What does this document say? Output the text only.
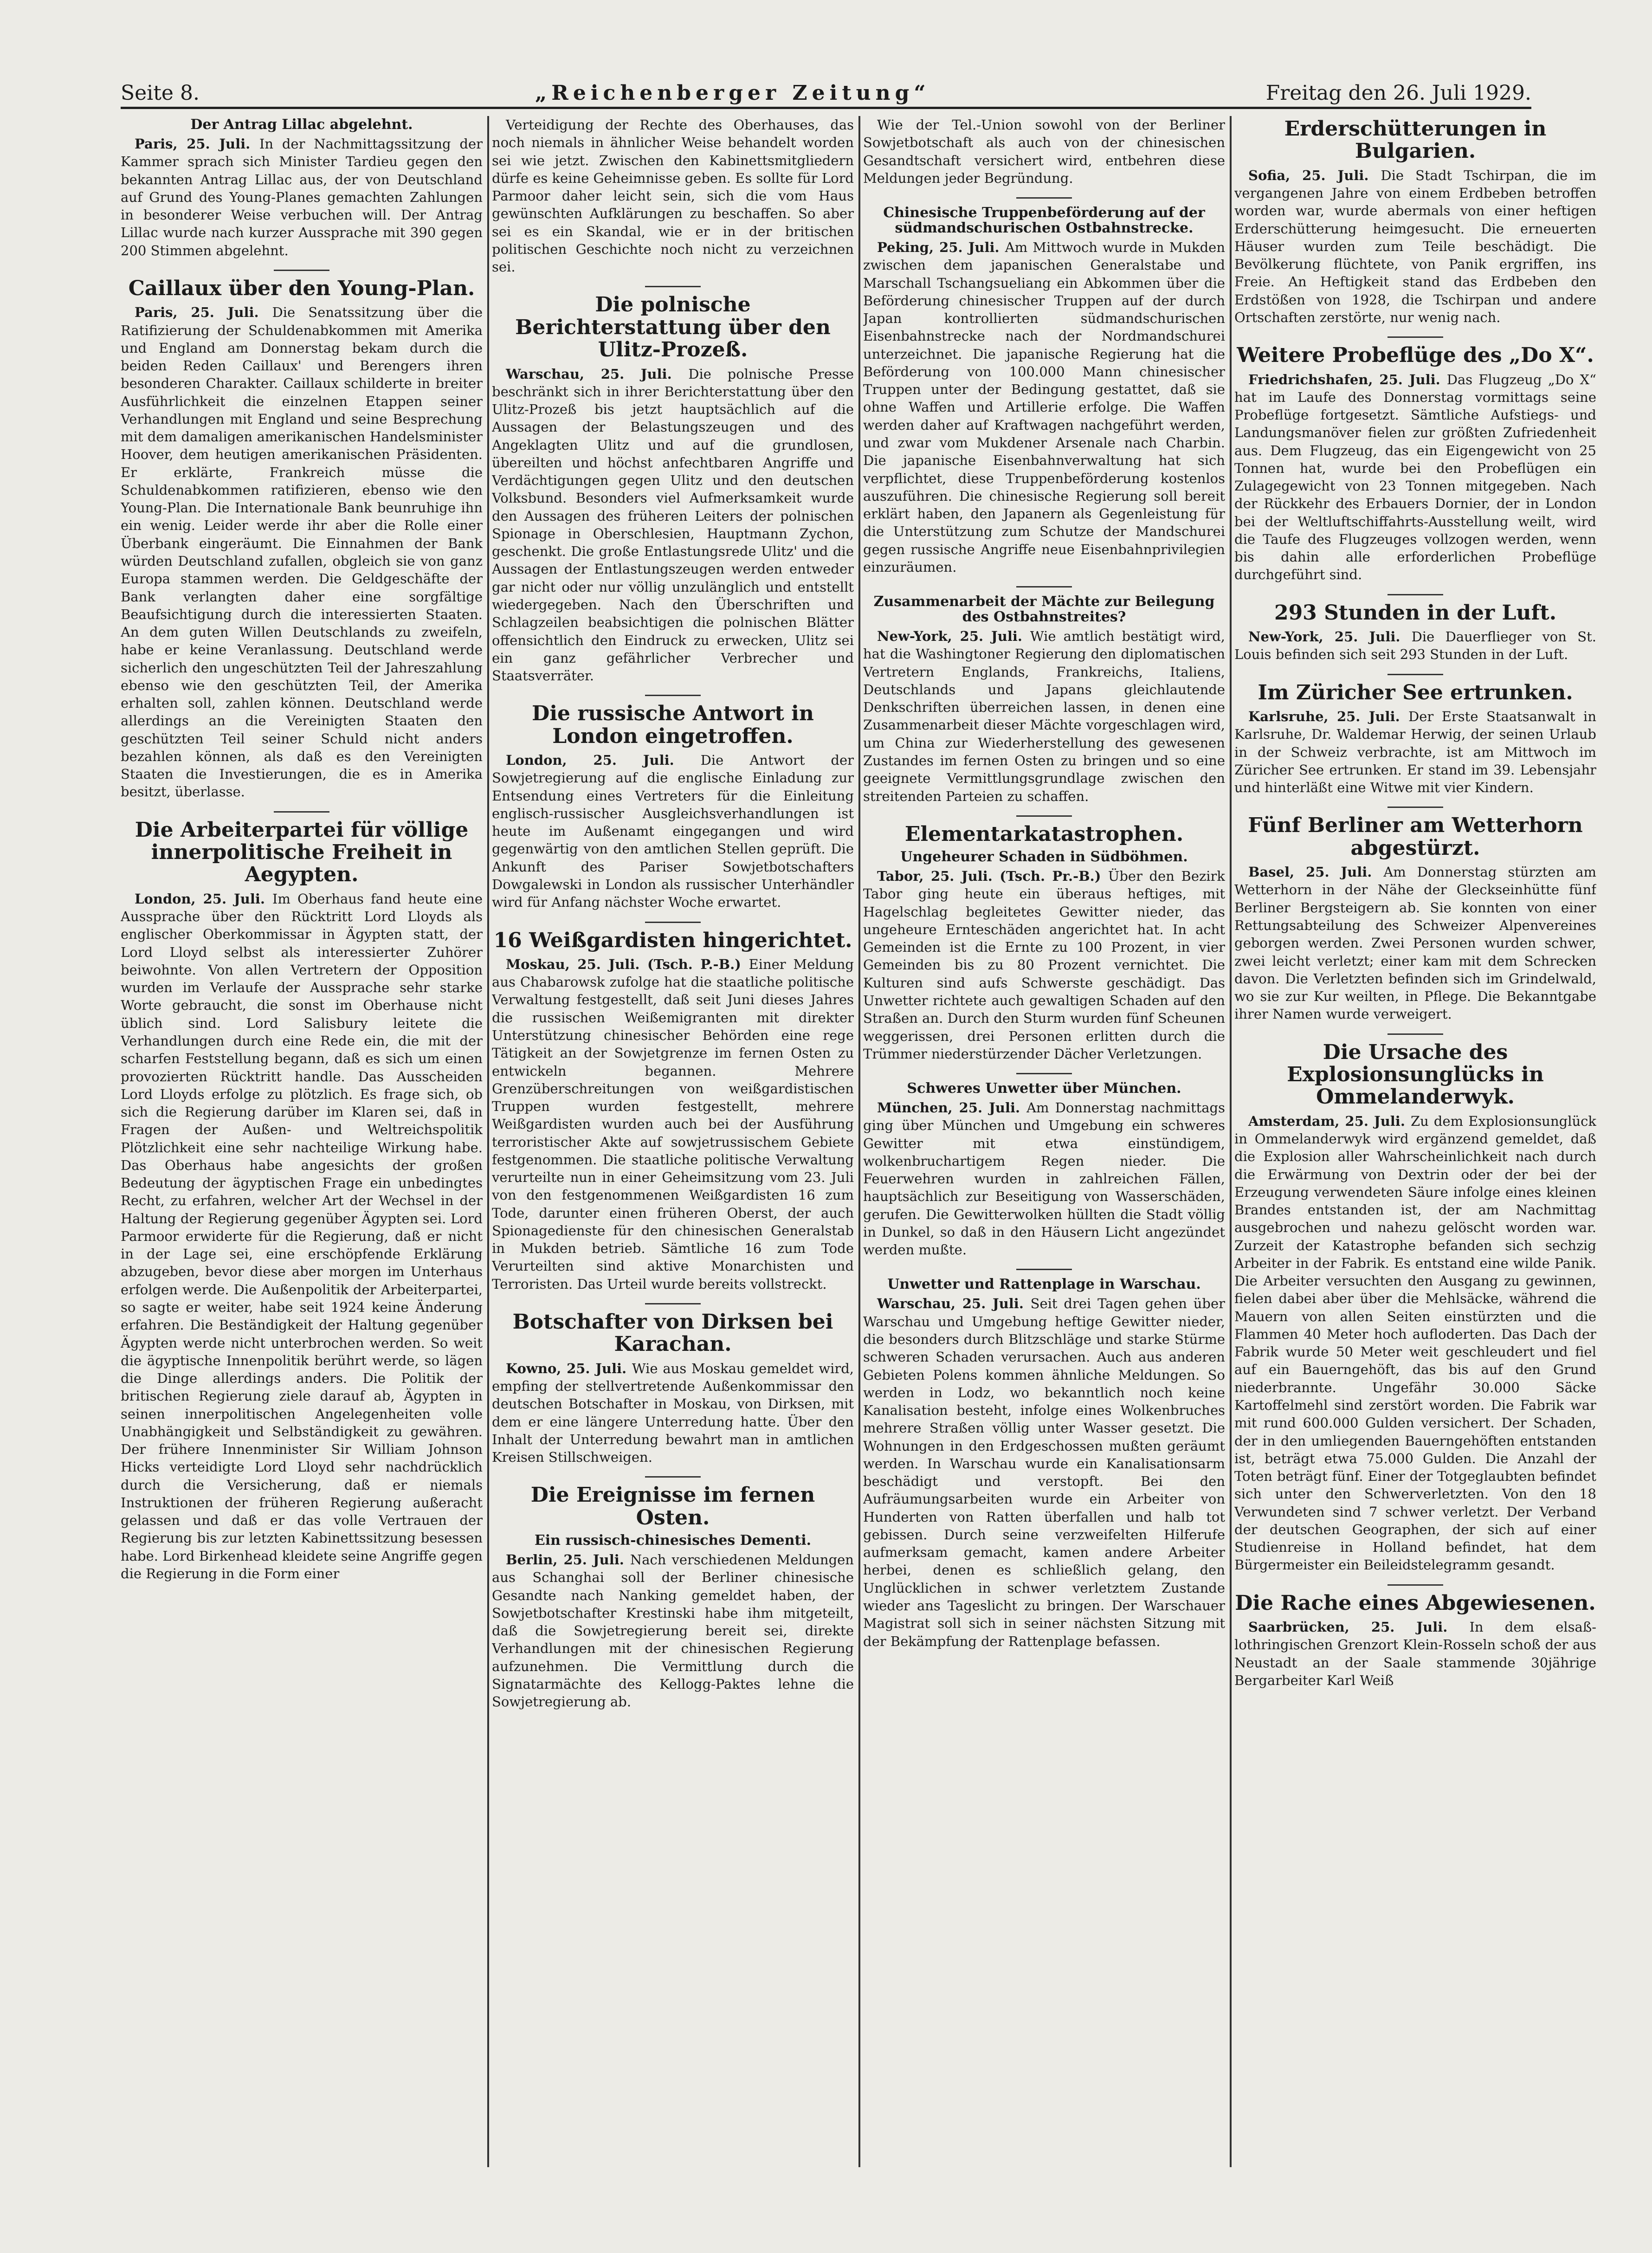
Seite 8.	„Reichenberger Zeitung“	Freitag den 26. Juli 1929.
Der Antrag Lillac abgelehnt.

Paris, 25. Juli. In der Nachmittagssitzung der Kammer sprach sich Minister Tardieu gegen den bekannten Antrag Lillac aus, der von Deutschland auf Grund des Young-Planes gemachten Zahlungen in besonderer Weise verbuchen will. Der Antrag Lillac wurde nach kurzer Aussprache mit 390 gegen 200 Stimmen abgelehnt.

Caillaux über den Young-Plan.

Paris, 25. Juli. Die Senatssitzung über die Ratifizierung der Schuldenabkommen mit Amerika und England am Donnerstag bekam durch die beiden Reden Caillaux' und Berengers ihren besonderen Charakter. Caillaux schilderte in breiter Ausführlichkeit die einzelnen Etappen seiner Verhandlungen mit England und seine Besprechung mit dem damaligen amerikanischen Handelsminister Hoover, dem heutigen amerikanischen Präsidenten. Er erklärte, Frankreich müsse die Schuldenabkommen ratifizieren, ebenso wie den Young-Plan. Die Internationale Bank beunruhige ihn ein wenig. Leider werde ihr aber die Rolle einer Überbank eingeräumt. Die Einnahmen der Bank würden Deutschland zufallen, obgleich sie von ganz Europa stammen werden. Die Geldgeschäfte der Bank verlangten daher eine sorgfältige Beaufsichtigung durch die interessierten Staaten. An dem guten Willen Deutschlands zu zweifeln, habe er keine Veranlassung. Deutschland werde sicherlich den ungeschützten Teil der Jahreszahlung ebenso wie den geschützten Teil, der Amerika erhalten soll, zahlen können. Deutschland werde allerdings an die Vereinigten Staaten den geschützten Teil seiner Schuld nicht anders bezahlen können, als daß es den Vereinigten Staaten die Investierungen, die es in Amerika besitzt, überlasse.

Die Arbeiterpartei für völlige innerpolitische Freiheit in Aegypten.

London, 25. Juli. Im Oberhaus fand heute eine Aussprache über den Rücktritt Lord Lloyds als englischer Oberkommissar in Ägypten statt, der Lord Lloyd selbst als interessierter Zuhörer beiwohnte. Von allen Vertretern der Opposition wurden im Verlaufe der Aussprache sehr starke Worte gebraucht, die sonst im Oberhause nicht üblich sind. Lord Salisbury leitete die Verhandlungen durch eine Rede ein, die mit der scharfen Feststellung begann, daß es sich um einen provozierten Rücktritt handle. Das Ausscheiden Lord Lloyds erfolge zu plötzlich. Es frage sich, ob sich die Regierung darüber im Klaren sei, daß in Fragen der Außen- und Weltreichspolitik Plötzlichkeit eine sehr nachteilige Wirkung habe. Das Oberhaus habe angesichts der großen Bedeutung der ägyptischen Frage ein unbedingtes Recht, zu erfahren, welcher Art der Wechsel in der Haltung der Regierung gegenüber Ägypten sei. Lord Parmoor erwiderte für die Regierung, daß er nicht in der Lage sei, eine erschöpfende Erklärung abzugeben, bevor diese aber morgen im Unterhaus erfolgen werde. Die Außenpolitik der Arbeiterpartei, so sagte er weiter, habe seit 1924 keine Änderung erfahren. Die Beständigkeit der Haltung gegenüber Ägypten werde nicht unterbrochen werden. So weit die ägyptische Innenpolitik berührt werde, so lägen die Dinge allerdings anders. Die Politik der britischen Regierung ziele darauf ab, Ägypten in seinen innerpolitischen Angelegenheiten volle Unabhängigkeit und Selbständigkeit zu gewähren. Der frühere Innenminister Sir William Johnson Hicks verteidigte Lord Lloyd sehr nachdrücklich durch die Versicherung, daß er niemals Instruktionen der früheren Regierung außeracht gelassen und daß er das volle Vertrauen der Regierung bis zur letzten Kabinettssitzung besessen habe. Lord Birkenhead kleidete seine Angriffe gegen die Regierung in die Form einer

Verteidigung der Rechte des Oberhauses, das noch niemals in ähnlicher Weise behandelt worden sei wie jetzt. Zwischen den Kabinettsmitgliedern dürfe es keine Geheimnisse geben. Es sollte für Lord Parmoor daher leicht sein, sich die vom Haus gewünschten Aufklärungen zu beschaffen. So aber sei es ein Skandal, wie er in der britischen politischen Geschichte noch nicht zu verzeichnen sei.

Die polnische Berichterstattung über den Ulitz-Prozeß.

Warschau, 25. Juli. Die polnische Presse beschränkt sich in ihrer Berichterstattung über den Ulitz-Prozeß bis jetzt hauptsächlich auf die Aussagen der Belastungszeugen und des Angeklagten Ulitz und auf die grundlosen, übereilten und höchst anfechtbaren Angriffe und Verdächtigungen gegen Ulitz und den deutschen Volksbund. Besonders viel Aufmerksamkeit wurde den Aussagen des früheren Leiters der polnischen Spionage in Oberschlesien, Hauptmann Zychon, geschenkt. Die große Entlastungsrede Ulitz' und die Aussagen der Entlastungszeugen werden entweder gar nicht oder nur völlig unzulänglich und entstellt wiedergegeben. Nach den Überschriften und Schlagzeilen beabsichtigen die polnischen Blätter offensichtlich den Eindruck zu erwecken, Ulitz sei ein ganz gefährlicher Verbrecher und Staatsverräter.

Die russische Antwort in London eingetroffen.

London, 25. Juli. Die Antwort der Sowjetregierung auf die englische Einladung zur Entsendung eines Vertreters für die Einleitung englisch-russischer Ausgleichsverhandlungen ist heute im Außenamt eingegangen und wird gegenwärtig von den amtlichen Stellen geprüft. Die Ankunft des Pariser Sowjetbotschafters Dowgalewski in London als russischer Unterhändler wird für Anfang nächster Woche erwartet.

16 Weißgardisten hingerichtet.

Moskau, 25. Juli. (Tsch. P.-B.) Einer Meldung aus Chabarowsk zufolge hat die staatliche politische Verwaltung festgestellt, daß seit Juni dieses Jahres die russischen Weißemigranten mit direkter Unterstützung chinesischer Behörden eine rege Tätigkeit an der Sowjetgrenze im fernen Osten zu entwickeln begannen. Mehrere Grenzüberschreitungen von weißgardistischen Truppen wurden festgestellt, mehrere Weißgardisten wurden auch bei der Ausführung terroristischer Akte auf sowjetrussischem Gebiete festgenommen. Die staatliche politische Verwaltung verurteilte nun in einer Geheimsitzung vom 23. Juli von den festgenommenen Weißgardisten 16 zum Tode, darunter einen früheren Oberst, der auch Spionagedienste für den chinesischen Generalstab in Mukden betrieb. Sämtliche 16 zum Tode Verurteilten sind aktive Monarchisten und Terroristen. Das Urteil wurde bereits vollstreckt.

Botschafter von Dirksen bei Karachan.

Kowno, 25. Juli. Wie aus Moskau gemeldet wird, empfing der stellvertretende Außenkommissar den deutschen Botschafter in Moskau, von Dirksen, mit dem er eine längere Unterredung hatte. Über den Inhalt der Unterredung bewahrt man in amtlichen Kreisen Stillschweigen.

Die Ereignisse im fernen Osten.
Ein russisch-chinesisches Dementi.

Berlin, 25. Juli. Nach verschiedenen Meldungen aus Schanghai soll der Berliner chinesische Gesandte nach Nanking gemeldet haben, der Sowjetbotschafter Krestinski habe ihm mitgeteilt, daß die Sowjetregierung bereit sei, direkte Verhandlungen mit der chinesischen Regierung aufzunehmen. Die Vermittlung durch die Signatarmächte des Kellogg-Paktes lehne die Sowjetregierung ab.

Wie der Tel.-Union sowohl von der Berliner Sowjetbotschaft als auch von der chinesischen Gesandtschaft versichert wird, entbehren diese Meldungen jeder Begründung.

Chinesische Truppenbeförderung auf der südmandschurischen Ostbahnstrecke.

Peking, 25. Juli. Am Mittwoch wurde in Mukden zwischen dem japanischen Generalstabe und Marschall Tschangsueliang ein Abkommen über die Beförderung chinesischer Truppen auf der durch Japan kontrollierten südmandschurischen Eisenbahnstrecke nach der Nordmandschurei unterzeichnet. Die japanische Regierung hat die Beförderung von 100.000 Mann chinesischer Truppen unter der Bedingung gestattet, daß sie ohne Waffen und Artillerie erfolge. Die Waffen werden daher auf Kraftwagen nachgeführt werden, und zwar vom Mukdener Arsenale nach Charbin. Die japanische Eisenbahnverwaltung hat sich verpflichtet, diese Truppenbeförderung kostenlos auszuführen. Die chinesische Regierung soll bereit erklärt haben, den Japanern als Gegenleistung für die Unterstützung zum Schutze der Mandschurei gegen russische Angriffe neue Eisenbahnprivilegien einzuräumen.

Zusammenarbeit der Mächte zur Beilegung des Ostbahnstreites?

New-York, 25. Juli. Wie amtlich bestätigt wird, hat die Washingtoner Regierung den diplomatischen Vertretern Englands, Frankreichs, Italiens, Deutschlands und Japans gleichlautende Denkschriften überreichen lassen, in denen eine Zusammenarbeit dieser Mächte vorgeschlagen wird, um China zur Wiederherstellung des gewesenen Zustandes im fernen Osten zu bringen und so eine geeignete Vermittlungsgrundlage zwischen den streitenden Parteien zu schaffen.

Elementarkatastrophen.
Ungeheurer Schaden in Südböhmen.

Tabor, 25. Juli. (Tsch. Pr.-B.) Über den Bezirk Tabor ging heute ein überaus heftiges, mit Hagelschlag begleitetes Gewitter nieder, das ungeheure Ernteschäden angerichtet hat. In acht Gemeinden ist die Ernte zu 100 Prozent, in vier Gemeinden bis zu 80 Prozent vernichtet. Die Kulturen sind aufs Schwerste geschädigt. Das Unwetter richtete auch gewaltigen Schaden auf den Straßen an. Durch den Sturm wurden fünf Scheunen weggerissen, drei Personen erlitten durch die Trümmer niederstürzender Dächer Verletzungen.

Schweres Unwetter über München.

München, 25. Juli. Am Donnerstag nachmittags ging über München und Umgebung ein schweres Gewitter mit etwa einstündigem, wolkenbruchartigem Regen nieder. Die Feuerwehren wurden in zahlreichen Fällen, hauptsächlich zur Beseitigung von Wasserschäden, gerufen. Die Gewitterwolken hüllten die Stadt völlig in Dunkel, so daß in den Häusern Licht angezündet werden mußte.

Unwetter und Rattenplage in Warschau.

Warschau, 25. Juli. Seit drei Tagen gehen über Warschau und Umgebung heftige Gewitter nieder, die besonders durch Blitzschläge und starke Stürme schweren Schaden verursachen. Auch aus anderen Gebieten Polens kommen ähnliche Meldungen. So werden in Lodz, wo bekanntlich noch keine Kanalisation besteht, infolge eines Wolkenbruches mehrere Straßen völlig unter Wasser gesetzt. Die Wohnungen in den Erdgeschossen mußten geräumt werden. In Warschau wurde ein Kanalisationsarm beschädigt und verstopft. Bei den Aufräumungsarbeiten wurde ein Arbeiter von Hunderten von Ratten überfallen und halb tot gebissen. Durch seine verzweifelten Hilferufe aufmerksam gemacht, kamen andere Arbeiter herbei, denen es schließlich gelang, den Unglücklichen in schwer verletztem Zustande wieder ans Tageslicht zu bringen. Der Warschauer Magistrat soll sich in seiner nächsten Sitzung mit der Bekämpfung der Rattenplage befassen.

Erderschütterungen in Bulgarien.

Sofia, 25. Juli. Die Stadt Tschirpan, die im vergangenen Jahre von einem Erdbeben betroffen worden war, wurde abermals von einer heftigen Erderschütterung heimgesucht. Die erneuerten Häuser wurden zum Teile beschädigt. Die Bevölkerung flüchtete, von Panik ergriffen, ins Freie. An Heftigkeit stand das Erdbeben den Erdstößen von 1928, die Tschirpan und andere Ortschaften zerstörte, nur wenig nach.

Weitere Probeflüge des „Do X“.

Friedrichshafen, 25. Juli. Das Flugzeug „Do X“ hat im Laufe des Donnerstag vormittags seine Probeflüge fortgesetzt. Sämtliche Aufstiegs- und Landungsmanöver fielen zur größten Zufriedenheit aus. Dem Flugzeug, das ein Eigengewicht von 25 Tonnen hat, wurde bei den Probeflügen ein Zulagegewicht von 23 Tonnen mitgegeben. Nach der Rückkehr des Erbauers Dornier, der in London bei der Weltluftschiffahrts-Ausstellung weilt, wird die Taufe des Flugzeuges vollzogen werden, wenn bis dahin alle erforderlichen Probeflüge durchgeführt sind.

293 Stunden in der Luft.

New-York, 25. Juli. Die Dauerflieger von St. Louis befinden sich seit 293 Stunden in der Luft.

Im Züricher See ertrunken.

Karlsruhe, 25. Juli. Der Erste Staatsanwalt in Karlsruhe, Dr. Waldemar Herwig, der seinen Urlaub in der Schweiz verbrachte, ist am Mittwoch im Züricher See ertrunken. Er stand im 39. Lebensjahr und hinterläßt eine Witwe mit vier Kindern.

Fünf Berliner am Wetterhorn abgestürzt.

Basel, 25. Juli. Am Donnerstag stürzten am Wetterhorn in der Nähe der Gleckseinhütte fünf Berliner Bergsteigern ab. Sie konnten von einer Rettungsabteilung des Schweizer Alpenvereines geborgen werden. Zwei Personen wurden schwer, zwei leicht verletzt; einer kam mit dem Schrecken davon. Die Verletzten befinden sich im Grindelwald, wo sie zur Kur weilten, in Pflege. Die Bekanntgabe ihrer Namen wurde verweigert.

Die Ursache des Explosionsunglücks in Ommelanderwyk.

Amsterdam, 25. Juli. Zu dem Explosionsunglück in Ommelanderwyk wird ergänzend gemeldet, daß die Explosion aller Wahrscheinlichkeit nach durch die Erwärmung von Dextrin oder der bei der Erzeugung verwendeten Säure infolge eines kleinen Brandes entstanden ist, der am Nachmittag ausgebrochen und nahezu gelöscht worden war. Zurzeit der Katastrophe befanden sich sechzig Arbeiter in der Fabrik. Es entstand eine wilde Panik. Die Arbeiter versuchten den Ausgang zu gewinnen, fielen dabei aber über die Mehlsäcke, während die Mauern von allen Seiten einstürzten und die Flammen 40 Meter hoch aufloderten. Das Dach der Fabrik wurde 50 Meter weit geschleudert und fiel auf ein Bauerngehöft, das bis auf den Grund niederbrannte. Ungefähr 30.000 Säcke Kartoffelmehl sind zerstört worden. Die Fabrik war mit rund 600.000 Gulden versichert. Der Schaden, der in den umliegenden Bauerngehöften entstanden ist, beträgt etwa 75.000 Gulden. Die Anzahl der Toten beträgt fünf. Einer der Totgeglaubten befindet sich unter den Schwerverletzten. Von den 18 Verwundeten sind 7 schwer verletzt. Der Verband der deutschen Geographen, der sich auf einer Studienreise in Holland befindet, hat dem Bürgermeister ein Beileidstelegramm gesandt.

Die Rache eines Abgewiesenen.

Saarbrücken, 25. Juli. In dem elsaß-lothringischen Grenzort Klein-Rosseln schoß der aus Neustadt an der Saale stammende 30jährige Bergarbeiter Karl Weiß
